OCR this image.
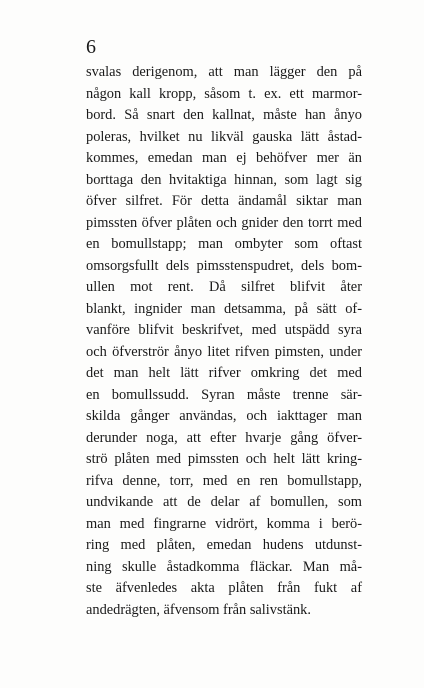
6
svalas derigenom, att man lägger den på
någon kall kropp, såsom t. ex. ett marmor-
bord. Så snart den kallnat, måste han ånyo
poleras, hvilket nu likväl gauska lätt åstad-
kommes, emedan man ej behöfver mer än
borttaga den hvitaktiga hinnan, som lagt sig
öfver silfret. För detta ändamål siktar man
pimssten öfver plåten och gnider den torrt med
en bomullstapp; man ombyter som oftast
omsorgsfullt dels pimsstenspudret, dels bom-
ullen mot rent. Då silfret blifvit åter
blankt, ingnider man detsamma, på sätt of-
vanföre blifvit beskrifvet, med utspädd syra
och öfverströr ånyo litet rifven pimsten, under
det man helt lätt rifver omkring det med
en bomullssudd. Syran måste trenne sär-
skilda gånger användas, och iakttager man
derunder noga, att efter hvarje gång öfver-
strö plåten med pimssten och helt lätt kring-
rifva denne, torr, med en ren bomullstapp,
undvikande att de delar af bomullen, som
man med fingrarne vidrört, komma i berö-
ring med plåten, emedan hudens utdunst-
ning skulle åstadkomma fläckar. Man må-
ste äfvenledes akta plåten från fukt af
andedrägten, äfvensom från salivstänk.
